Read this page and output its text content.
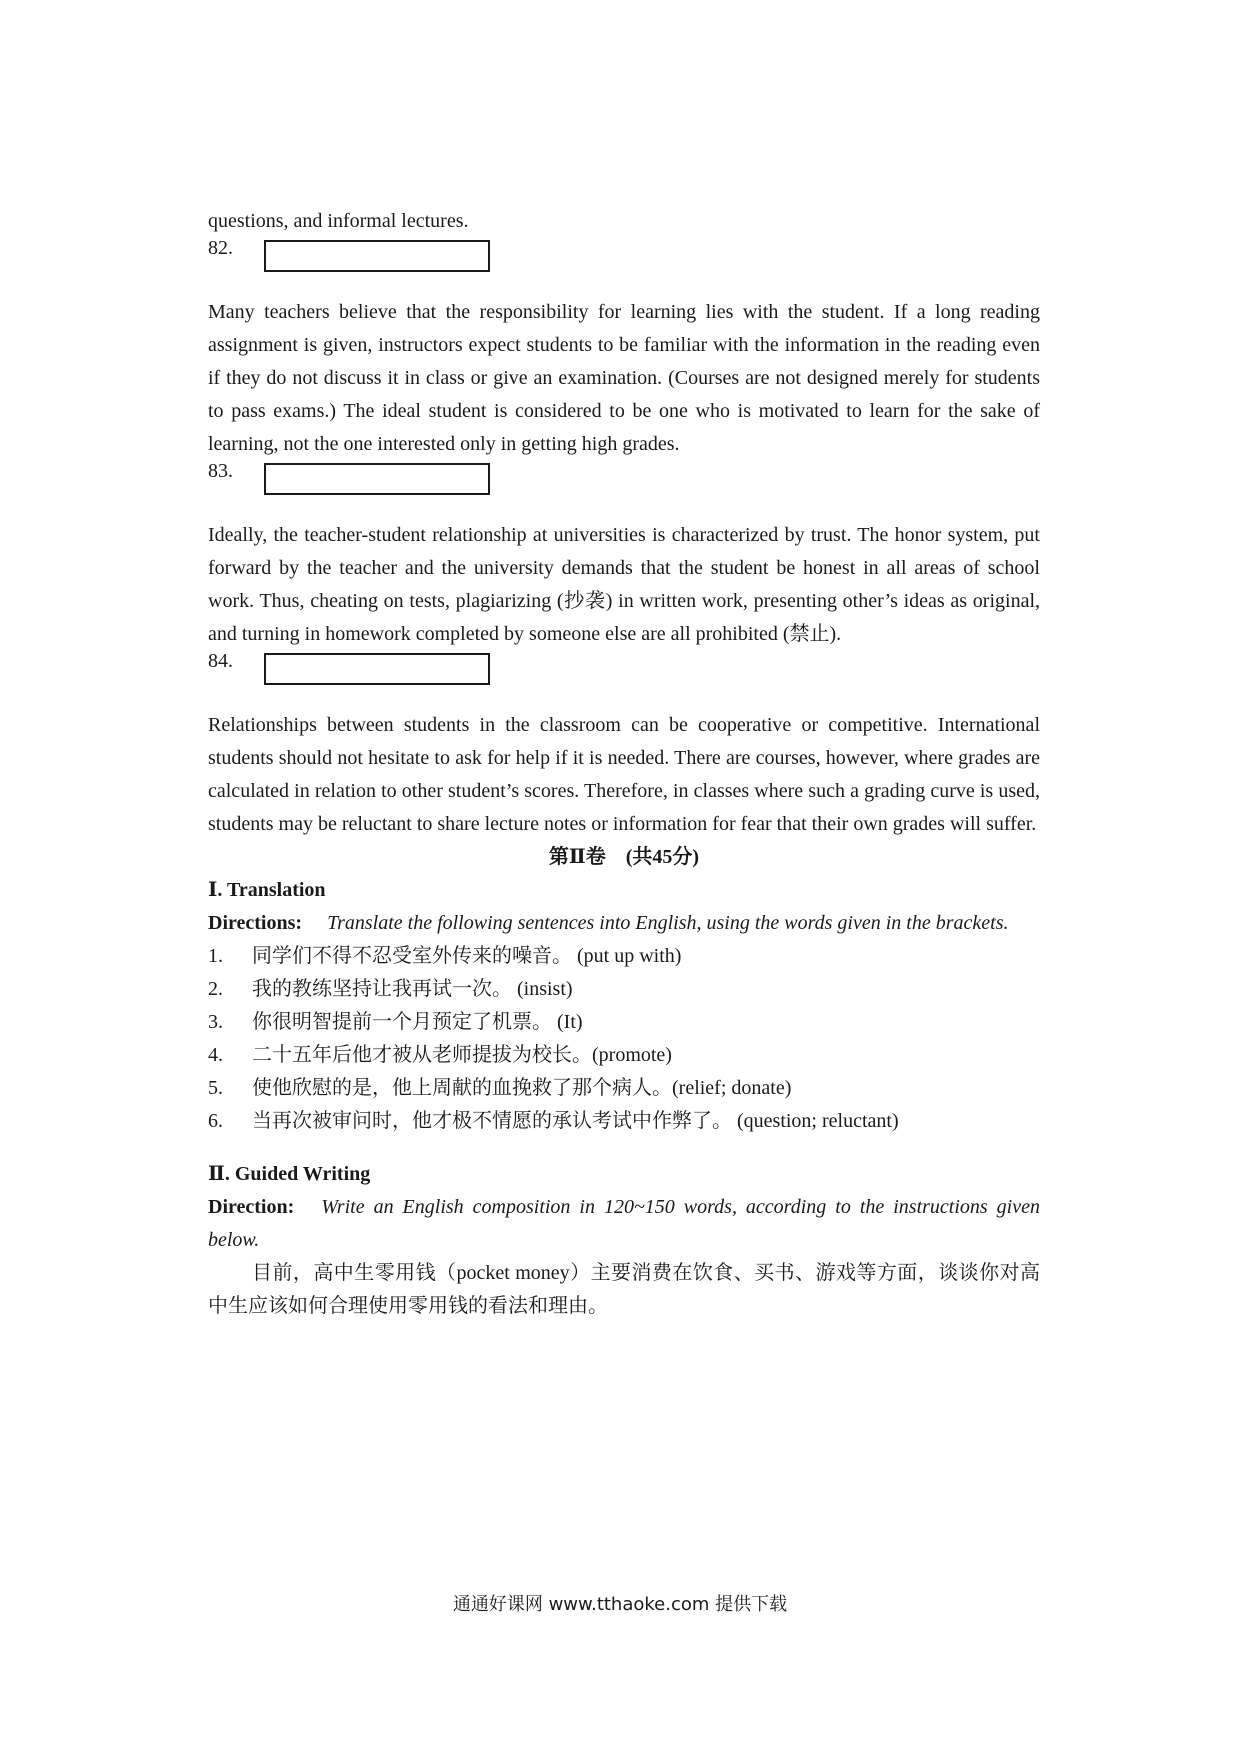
questions, and informal lectures.

82.

Many teachers believe that the responsibility for learning lies with the student. If a long reading assignment is given, instructors expect students to be familiar with the information in the reading even if they do not discuss it in class or give an examination. (Courses are not designed merely for students to pass exams.) The ideal student is considered to be one who is motivated to learn for the sake of learning, not the one interested only in getting high grades.

83.

Ideally, the teacher-student relationship at universities is characterized by trust. The honor system, put forward by the teacher and the university demands that the student be honest in all areas of school work. Thus, cheating on tests, plagiarizing (抄袭) in written work, presenting other’s ideas as original, and turning in homework completed by someone else are all prohibited (禁止).

84.

Relationships between students in the classroom can be cooperative or competitive. International students should not hesitate to ask for help if it is needed. There are courses, however, where grades are calculated in relation to other student’s scores. Therefore, in classes where such a grading curve is used, students may be reluctant to share lecture notes or information for fear that their own grades will suffer.

第Ⅱ卷　(共45分)

Ⅰ. Translation

Directions: Translate the following sentences into English, using the words given in the brackets.

1.	同学们不得不忍受室外传来的噪音。 (put up with)
2.	我的教练坚持让我再试一次。 (insist)
3.	你很明智提前一个月预定了机票。 (It)
4.	二十五年后他才被从老师提拔为校长。(promote)
5.	使他欣慰的是，他上周献的血挽救了那个病人。(relief; donate)
6.	当再次被审问时，他才极不情愿的承认考试中作弊了。 (question; reluctant)

Ⅱ. Guided Writing

Direction: Write an English composition in 120~150 words, according to the instructions given below.

目前，高中生零用钱（pocket money）主要消费在饮食、买书、游戏等方面，谈谈你对高中生应该如何合理使用零用钱的看法和理由。

通通好课网 www.tthaoke.com 提供下载
